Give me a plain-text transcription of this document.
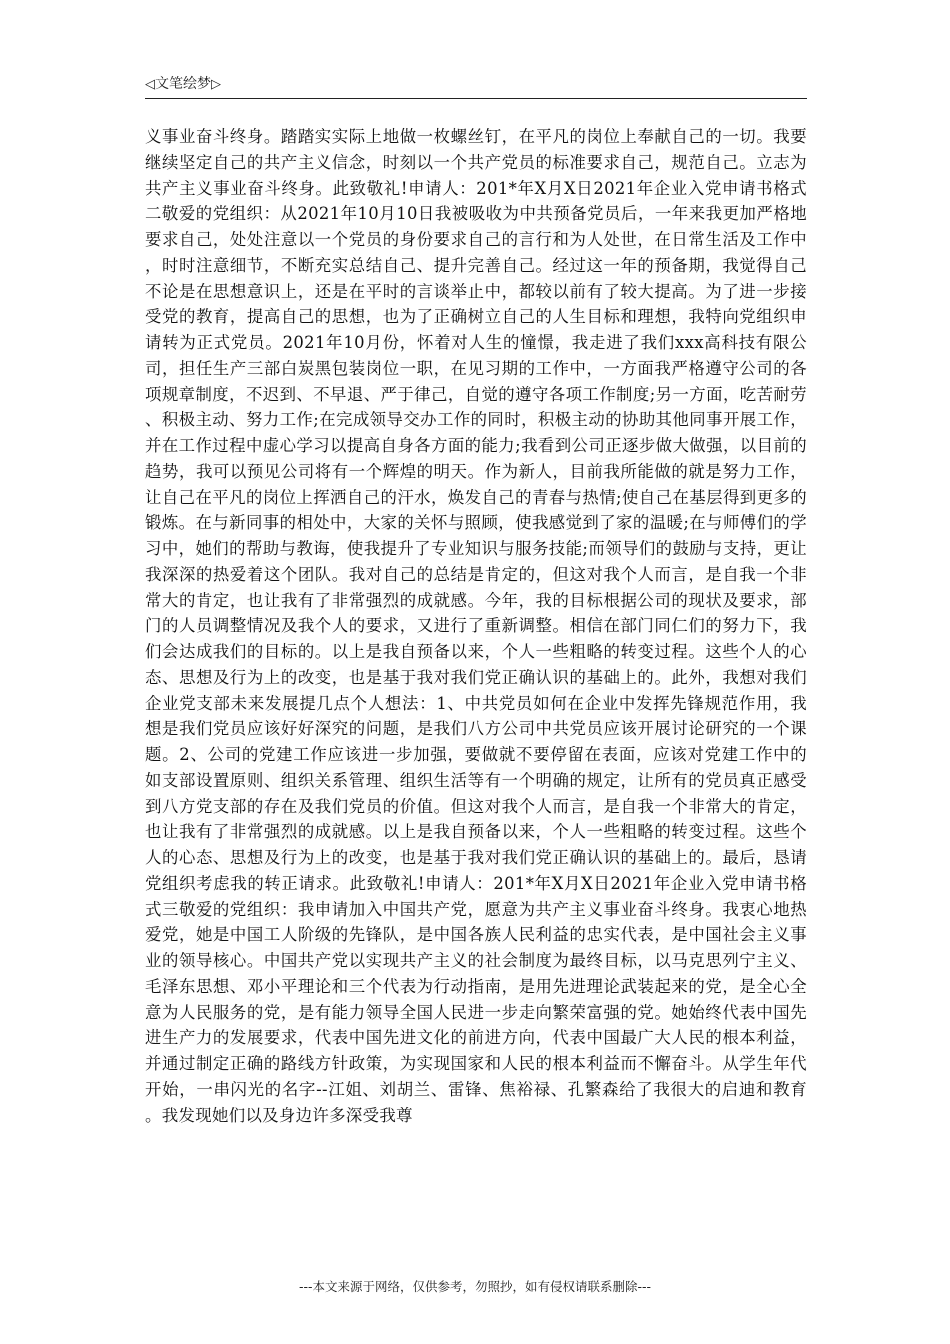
◁文笔绘梦▷

义事业奋斗终身。踏踏实实际上地做一枚螺丝钉，在平凡的岗位上奉献自己的一切。我要继续坚定自己的共产主义信念，时刻以一个共产党员的标准要求自己，规范自己。立志为共产主义事业奋斗终身。此致敬礼!申请人：201*年X月X日2021年企业入党申请书格式二敬爱的党组织：从2021年10月10日我被吸收为中共预备党员后，一年来我更加严格地要求自己，处处注意以一个党员的身份要求自己的言行和为人处世，在日常生活及工作中，时时注意细节，不断充实总结自己、提升完善自己。经过这一年的预备期，我觉得自己不论是在思想意识上，还是在平时的言谈举止中，都较以前有了较大提高。为了进一步接受党的教育，提高自己的思想，也为了正确树立自己的人生目标和理想，我特向党组织申请转为正式党员。2021年10月份，怀着对人生的憧憬，我走进了我们xxx高科技有限公司，担任生产三部白炭黑包装岗位一职，在见习期的工作中，一方面我严格遵守公司的各项规章制度，不迟到、不早退、严于律己，自觉的遵守各项工作制度;另一方面，吃苦耐劳、积极主动、努力工作;在完成领导交办工作的同时，积极主动的协助其他同事开展工作，并在工作过程中虚心学习以提高自身各方面的能力;我看到公司正逐步做大做强，以目前的趋势，我可以预见公司将有一个辉煌的明天。作为新人，目前我所能做的就是努力工作，让自己在平凡的岗位上挥洒自己的汗水，焕发自己的青春与热情;使自己在基层得到更多的锻炼。在与新同事的相处中，大家的关怀与照顾，使我感觉到了家的温暖;在与师傅们的学习中，她们的帮助与教诲，使我提升了专业知识与服务技能;而领导们的鼓励与支持，更让我深深的热爱着这个团队。我对自己的总结是肯定的，但这对我个人而言，是自我一个非常大的肯定，也让我有了非常强烈的成就感。今年，我的目标根据公司的现状及要求，部门的人员调整情况及我个人的要求，又进行了重新调整。相信在部门同仁们的努力下，我们会达成我们的目标的。以上是我自预备以来，个人一些粗略的转变过程。这些个人的心态、思想及行为上的改变，也是基于我对我们党正确认识的基础上的。此外，我想对我们企业党支部未来发展提几点个人想法：1、中共党员如何在企业中发挥先锋规范作用，我想是我们党员应该好好深究的问题，是我们八方公司中共党员应该开展讨论研究的一个课题。2、公司的党建工作应该进一步加强，要做就不要停留在表面，应该对党建工作中的如支部设置原则、组织关系管理、组织生活等有一个明确的规定，让所有的党员真正感受到八方党支部的存在及我们党员的价值。但这对我个人而言，是自我一个非常大的肯定，也让我有了非常强烈的成就感。以上是我自预备以来，个人一些粗略的转变过程。这些个人的心态、思想及行为上的改变，也是基于我对我们党正确认识的基础上的。最后，恳请党组织考虑我的转正请求。此致敬礼!申请人：201*年X月X日2021年企业入党申请书格式三敬爱的党组织：我申请加入中国共产党，愿意为共产主义事业奋斗终身。我衷心地热爱党，她是中国工人阶级的先锋队，是中国各族人民利益的忠实代表，是中国社会主义事业的领导核心。中国共产党以实现共产主义的社会制度为最终目标，以马克思列宁主义、毛泽东思想、邓小平理论和三个代表为行动指南，是用先进理论武装起来的党，是全心全意为人民服务的党，是有能力领导全国人民进一步走向繁荣富强的党。她始终代表中国先进生产力的发展要求，代表中国先进文化的前进方向，代表中国最广大人民的根本利益，并通过制定正确的路线方针政策，为实现国家和人民的根本利益而不懈奋斗。从学生年代开始，一串闪光的名字--江姐、刘胡兰、雷锋、焦裕禄、孔繁森给了我很大的启迪和教育。我发现她们以及身边许多深受我尊

---本文来源于网络，仅供参考，勿照抄，如有侵权请联系删除---
